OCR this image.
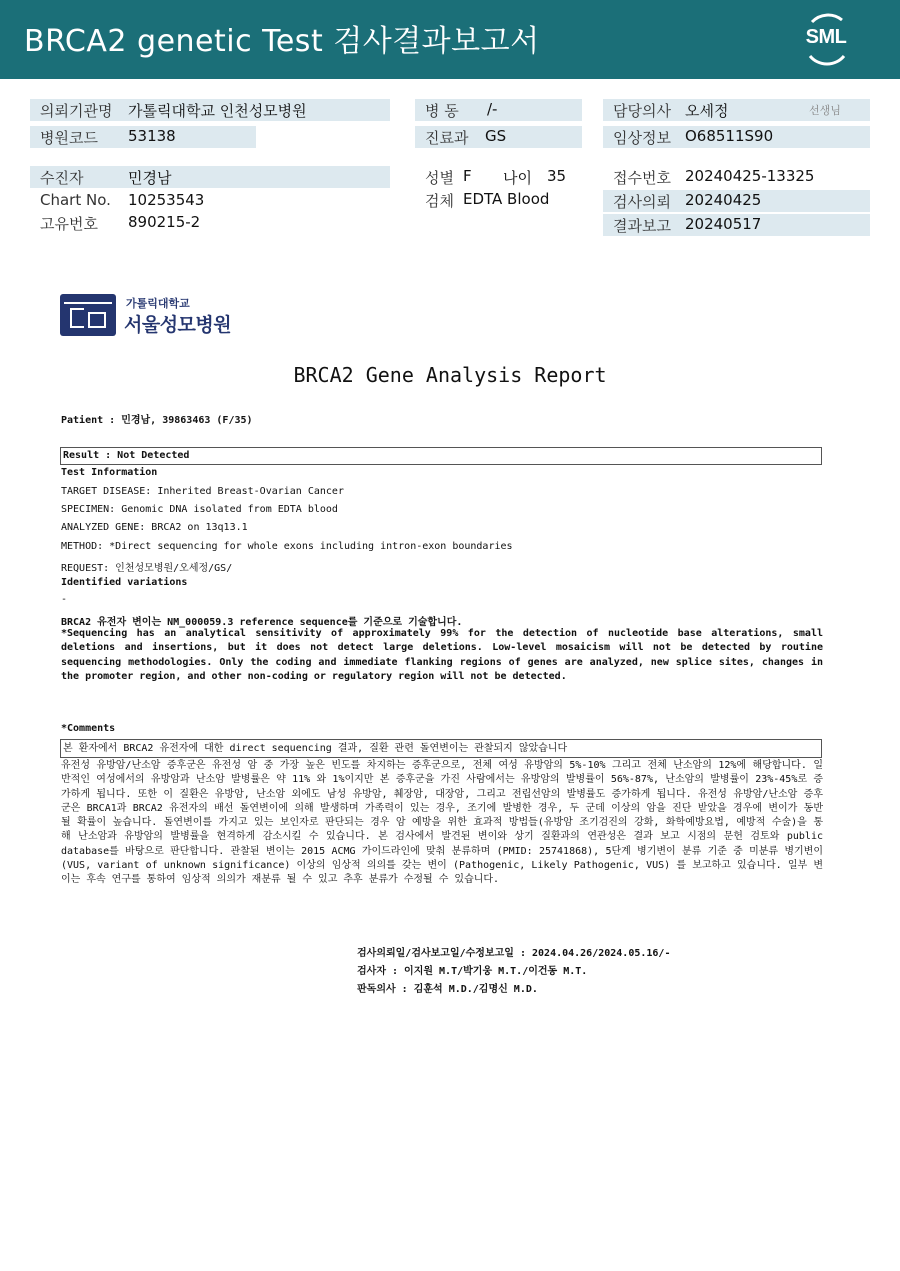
BRCA2 genetic Test 검사결과보고서	SML
의뢰기관명 가톨릭대학교 인천성모병원
병원코드 53138
병 동 /-
진료과 GS
담당의사 오세정	선생님
임상정보 O68511S90
수진자	민경남
Chart No. 10253543
고유번호 890215-2
성별 F 나이 35
검체 EDTA Blood
접수번호 20240425-13325
검사의뢰 20240425
결과보고 20240517
가톨릭대학교
서울성모병원
BRCA2 Gene Analysis Report
Patient : 민경남, 39863463 (F/35)
Result : Not Detected
Test Information
TARGET DISEASE: Inherited Breast-Ovarian Cancer
SPECIMEN: Genomic DNA isolated from EDTA blood
ANALYZED GENE: BRCA2 on 13q13.1
METHOD: *Direct sequencing for whole exons including intron-exon boundaries
REQUEST: 인천성모병원/오세정/GS/
Identified variations
-
BRCA2 유전자 변이는 NM_000059.3 reference sequence를 기준으로 기술합니다.
*Sequencing has an analytical sensitivity of approximately 99% for the detection of nucleotide base alterations, small deletions and insertions, but it does not detect large deletions. Low-level mosaicism will not be detected by routine sequencing methodologies. Only the coding and immediate flanking regions of genes are analyzed, new splice sites, changes in the promoter region, and other non-coding or regulatory region will not be detected.
*Comments
본 환자에서 BRCA2 유전자에 대한 direct sequencing 결과, 질환 관련 돌연변이는 관찰되지 않았습니다
유전성 유방암/난소암 증후군은 유전성 암 중 가장 높은 빈도를 차지하는 증후군으로, 전체 여성 유방암의 5%-10% 그리고 전체 난소암의 12%에 해당합니다. 일반적인 여성에서의 유방암과 난소암 발병률은 약 11% 와 1%이지만 본 증후군을 가진 사람에서는 유방암의 발병률이 56%-87%, 난소암의 발병률이 23%-45%로 증가하게 됩니다. 또한 이 질환은 유방암, 난소암 외에도 남성 유방암, 췌장암, 대장암, 그리고 전립선암의 발병률도 증가하게 됩니다. 유전성 유방암/난소암 증후군은 BRCA1과 BRCA2 유전자의 배선 돌연변이에 의해 발생하며 가족력이 있는 경우, 조기에 발병한 경우, 두 군데 이상의 암을 진단 받았을 경우에 변이가 동반될 확률이 높습니다. 돌연변이를 가지고 있는 보인자로 판단되는 경우 암 예방을 위한 효과적 방법들(유방암 조기검진의 강화, 화학예방요법, 예방적 수술)을 통해 난소암과 유방암의 발병률을 현격하게 감소시킬 수 있습니다. 본 검사에서 발견된 변이와 상기 질환과의 연관성은 결과 보고 시점의 문헌 검토와 public database를 바탕으로 판단합니다. 관찰된 변이는 2015 ACMG 가이드라인에 맞춰 분류하며 (PMID: 25741868), 5단계 병기변이 분류 기준 중 미분류 병기변이 (VUS, variant of unknown significance) 이상의 임상적 의의를 갖는 변이 (Pathogenic, Likely Pathogenic, VUS) 를 보고하고 있습니다. 일부 변이는 후속 연구를 통하여 임상적 의의가 재분류 될 수 있고 추후 분류가 수정될 수 있습니다.
검사의뢰일/검사보고일/수정보고일 : 2024.04.26/2024.05.16/-
검사자 : 이지원 M.T/박기웅 M.T./이건동 M.T.
판독의사 : 김훈석 M.D./김명신 M.D.
